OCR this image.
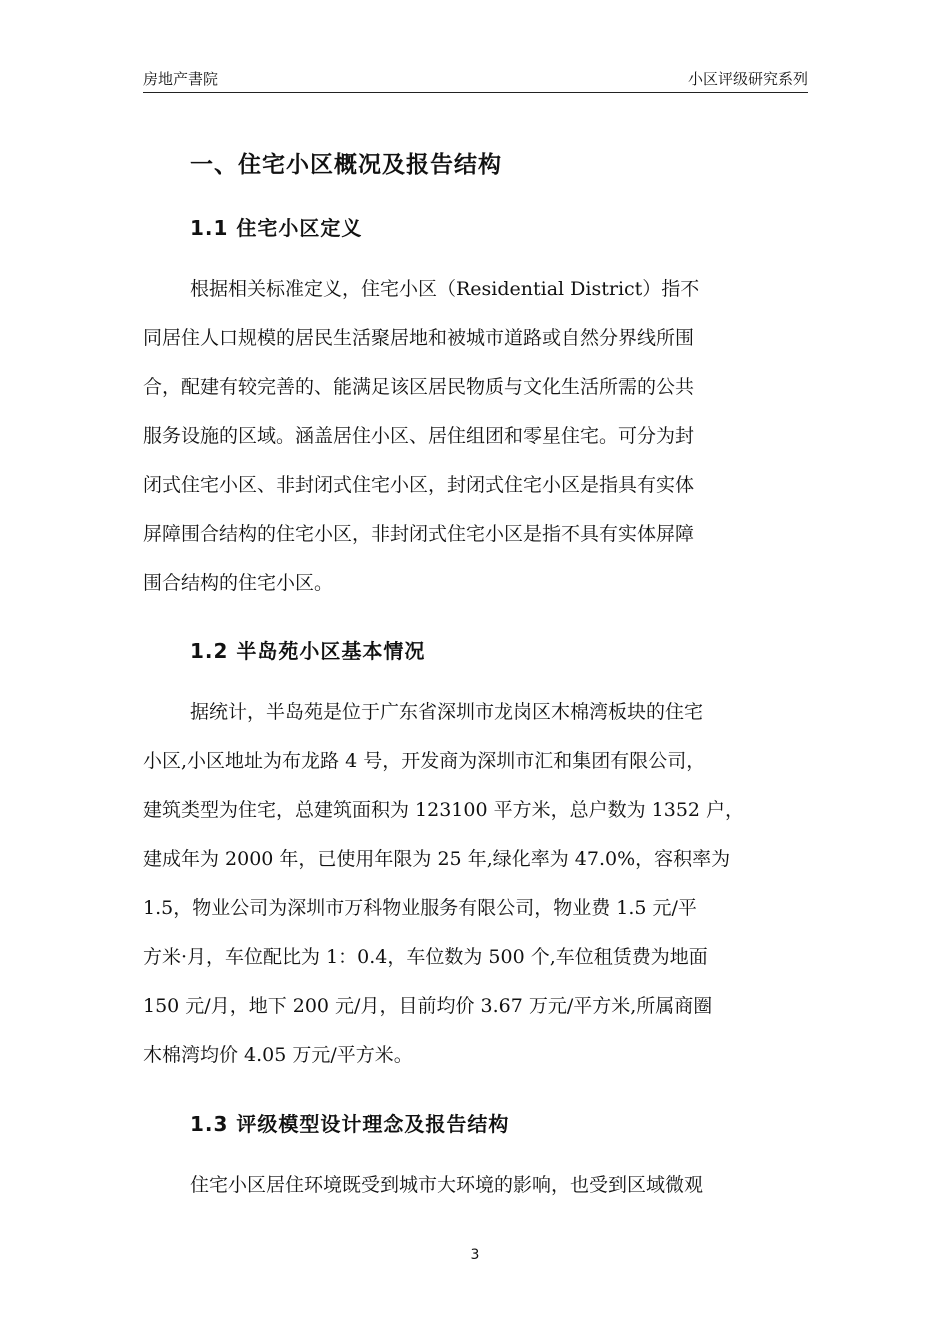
房地产書院	小区评级研究系列
一、住宅小区概况及报告结构
1.1 住宅小区定义
根据相关标准定义，住宅小区（Residential District）指不
同居住人口规模的居民生活聚居地和被城市道路或自然分界线所围
合，配建有较完善的、能满足该区居民物质与文化生活所需的公共
服务设施的区域。涵盖居住小区、居住组团和零星住宅。可分为封
闭式住宅小区、非封闭式住宅小区，封闭式住宅小区是指具有实体
屏障围合结构的住宅小区，非封闭式住宅小区是指不具有实体屏障
围合结构的住宅小区。
1.2 半岛苑小区基本情况
据统计，半岛苑是位于广东省深圳市龙岗区木棉湾板块的住宅
小区,小区地址为布龙路 4 号，开发商为深圳市汇和集团有限公司，
建筑类型为住宅，总建筑面积为 123100 平方米，总户数为 1352 户，
建成年为 2000 年，已使用年限为 25 年,绿化率为 47.0%，容积率为
1.5，物业公司为深圳市万科物业服务有限公司，物业费 1.5 元/平
方米·月，车位配比为 1：0.4，车位数为 500 个,车位租赁费为地面
150 元/月，地下 200 元/月，目前均价 3.67 万元/平方米,所属商圈
木棉湾均价 4.05 万元/平方米。
1.3 评级模型设计理念及报告结构
住宅小区居住环境既受到城市大环境的影响，也受到区域微观
3
